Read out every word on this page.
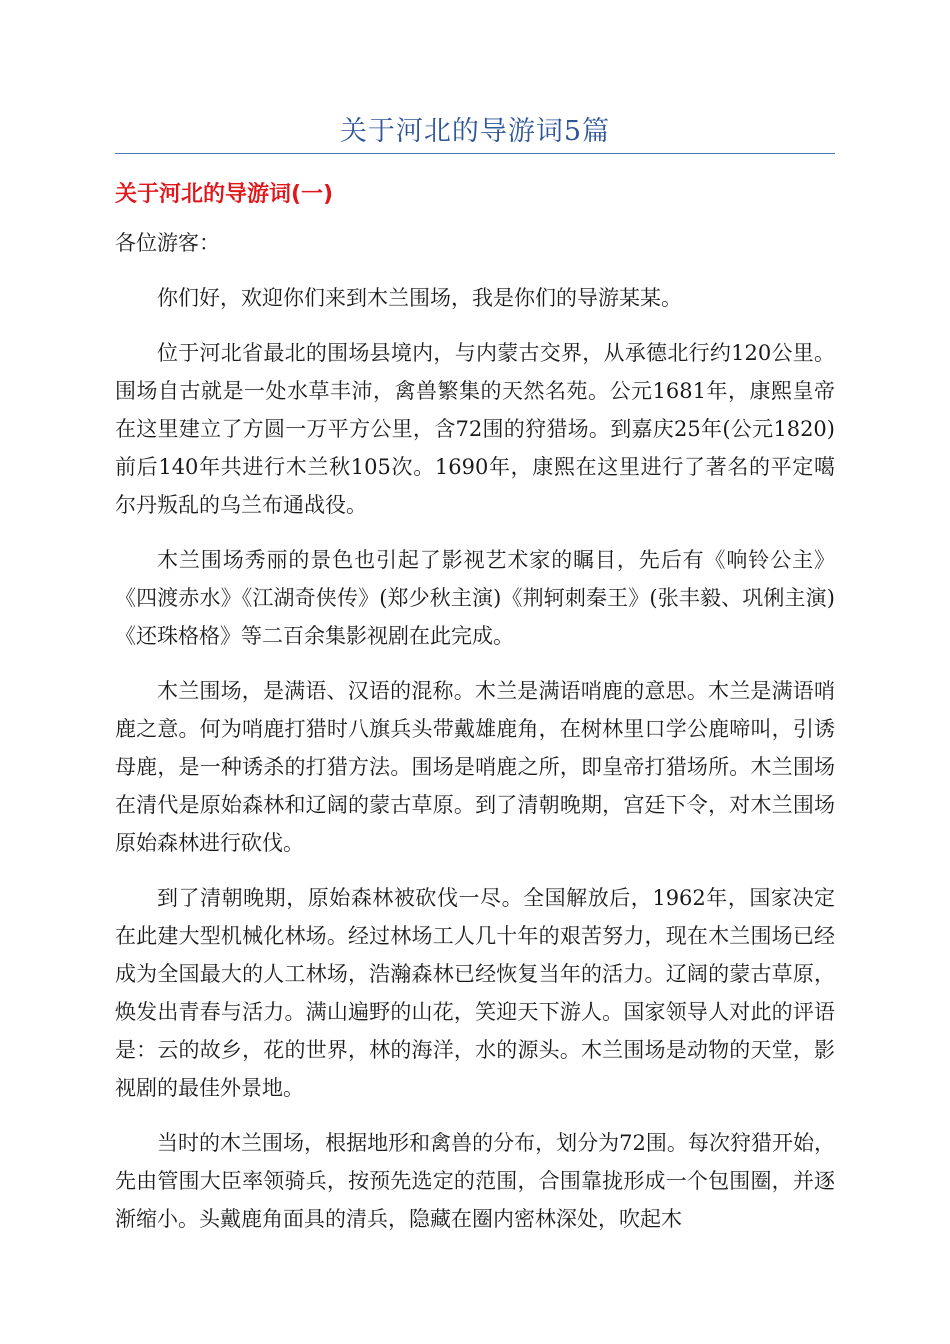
关于河北的导游词5篇
关于河北的导游词(一)

各位游客：

你们好，欢迎你们来到木兰围场，我是你们的导游某某。

位于河北省最北的围场县境内，与内蒙古交界，从承德北行约120公里。围场自古就是一处水草丰沛，禽兽繁集的天然名苑。公元1681年，康熙皇帝在这里建立了方圆一万平方公里，含72围的狩猎场。到嘉庆25年(公元1820)前后140年共进行木兰秋105次。1690年，康熙在这里进行了著名的平定噶尔丹叛乱的乌兰布通战役。

木兰围场秀丽的景色也引起了影视艺术家的瞩目，先后有《响铃公主》《四渡赤水》《江湖奇侠传》(郑少秋主演)《荆轲刺秦王》(张丰毅、巩俐主演)《还珠格格》等二百余集影视剧在此完成。

木兰围场，是满语、汉语的混称。木兰是满语哨鹿的意思。木兰是满语哨鹿之意。何为哨鹿打猎时八旗兵头带戴雄鹿角，在树林里口学公鹿啼叫，引诱母鹿，是一种诱杀的打猎方法。围场是哨鹿之所，即皇帝打猎场所。木兰围场在清代是原始森林和辽阔的蒙古草原。到了清朝晚期，宫廷下令，对木兰围场原始森林进行砍伐。

到了清朝晚期，原始森林被砍伐一尽。全国解放后，1962年，国家决定在此建大型机械化林场。经过林场工人几十年的艰苦努力，现在木兰围场已经成为全国最大的人工林场，浩瀚森林已经恢复当年的活力。辽阔的蒙古草原，焕发出青春与活力。满山遍野的山花，笑迎天下游人。国家领导人对此的评语是：云的故乡，花的世界，林的海洋，水的源头。木兰围场是动物的天堂，影视剧的最佳外景地。

当时的木兰围场，根据地形和禽兽的分布，划分为72围。每次狩猎开始，先由管围大臣率领骑兵，按预先选定的范围，合围靠拢形成一个包围圈，并逐渐缩小。头戴鹿角面具的清兵，隐藏在圈内密林深处，吹起木
